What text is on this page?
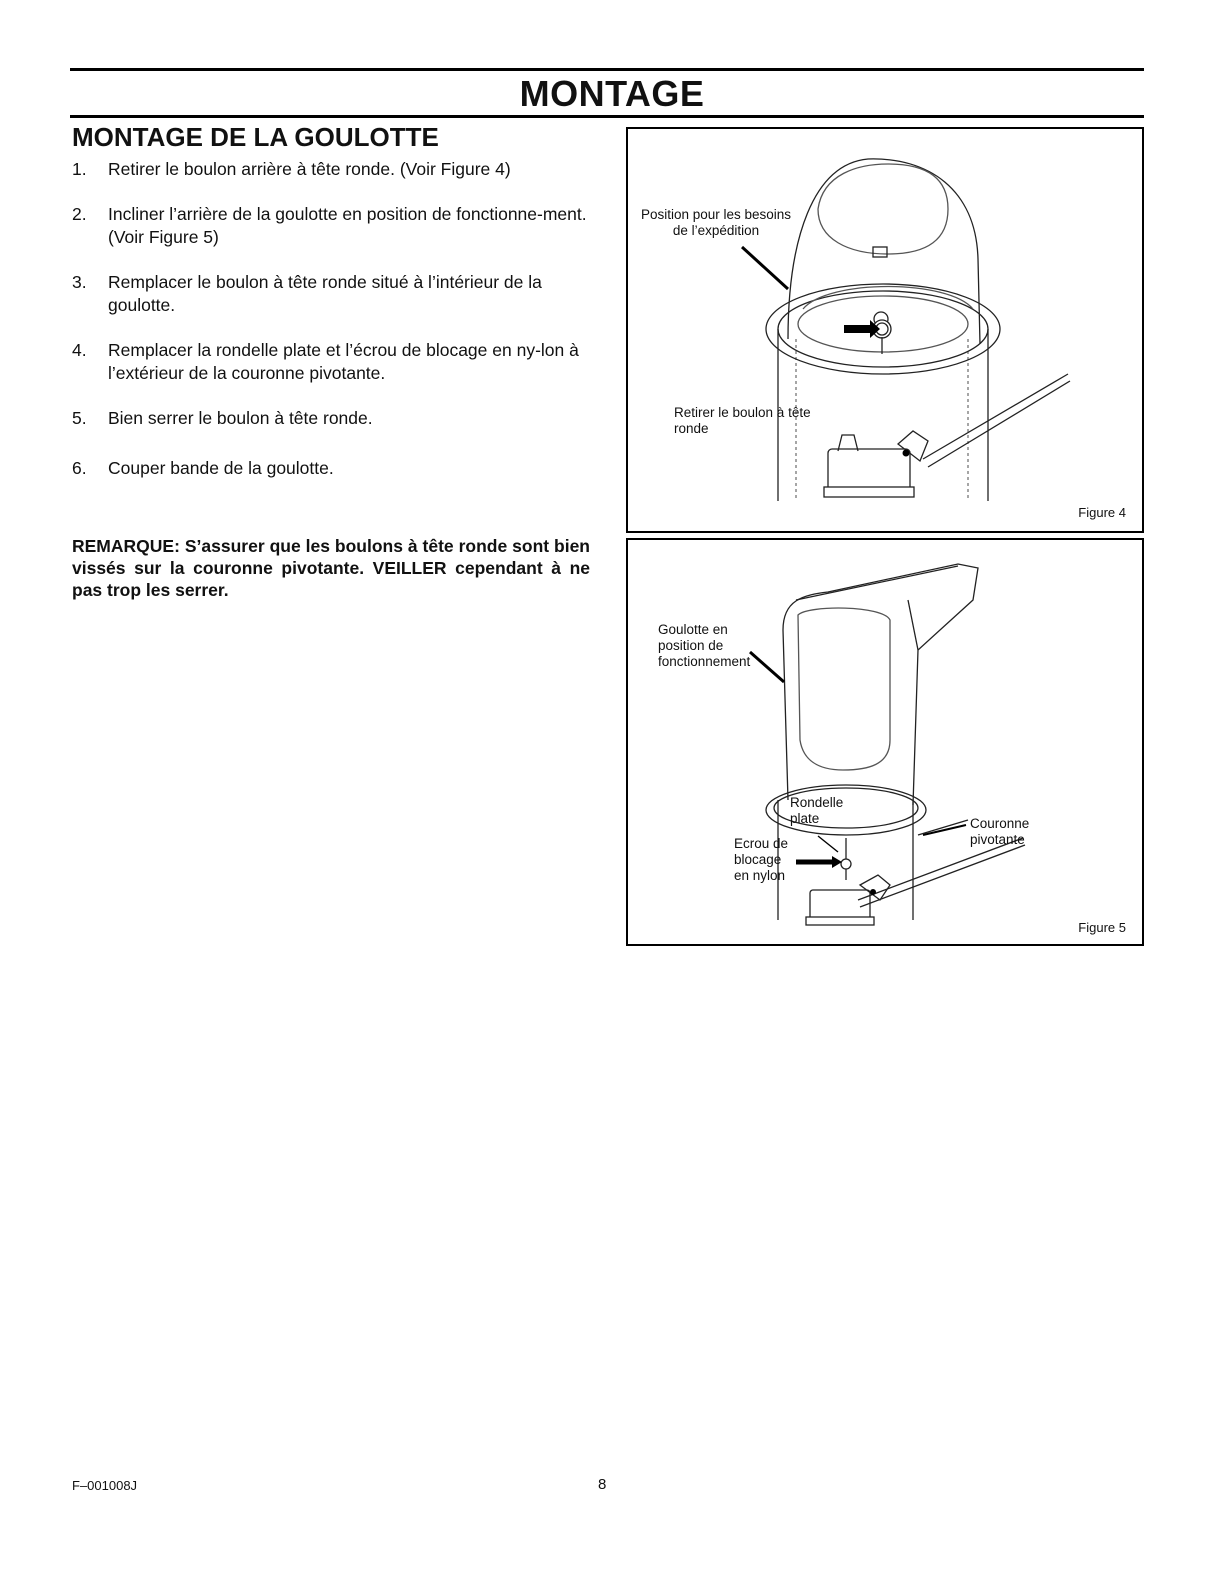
MONTAGE
MONTAGE DE LA GOULOTTE
1. Retirer le boulon arrière à tête ronde. (Voir Figure 4)
2. Incliner l’arrière de la goulotte en position de fonctionne-ment. (Voir Figure 5)
3. Remplacer le boulon à tête ronde situé à l’intérieur de la goulotte.
4. Remplacer la rondelle plate et l’écrou de blocage en ny-lon à l’extérieur de la couronne pivotante.
5. Bien serrer le boulon à tête ronde.
6. Couper bande de la goulotte.

REMARQUE: S’assurer que les boulons à tête ronde sont bien vissés sur la couronne pivotante. VEILLER cependant à ne pas trop les serrer.

Position pour les besoins de l’expédition
Retirer le boulon à tête ronde
Figure 4
Goulotte en position de fonctionnement
Rondelle plate
Ecrou de blocage en nylon
Couronne pivotante
Figure 5
F–001008J	8
